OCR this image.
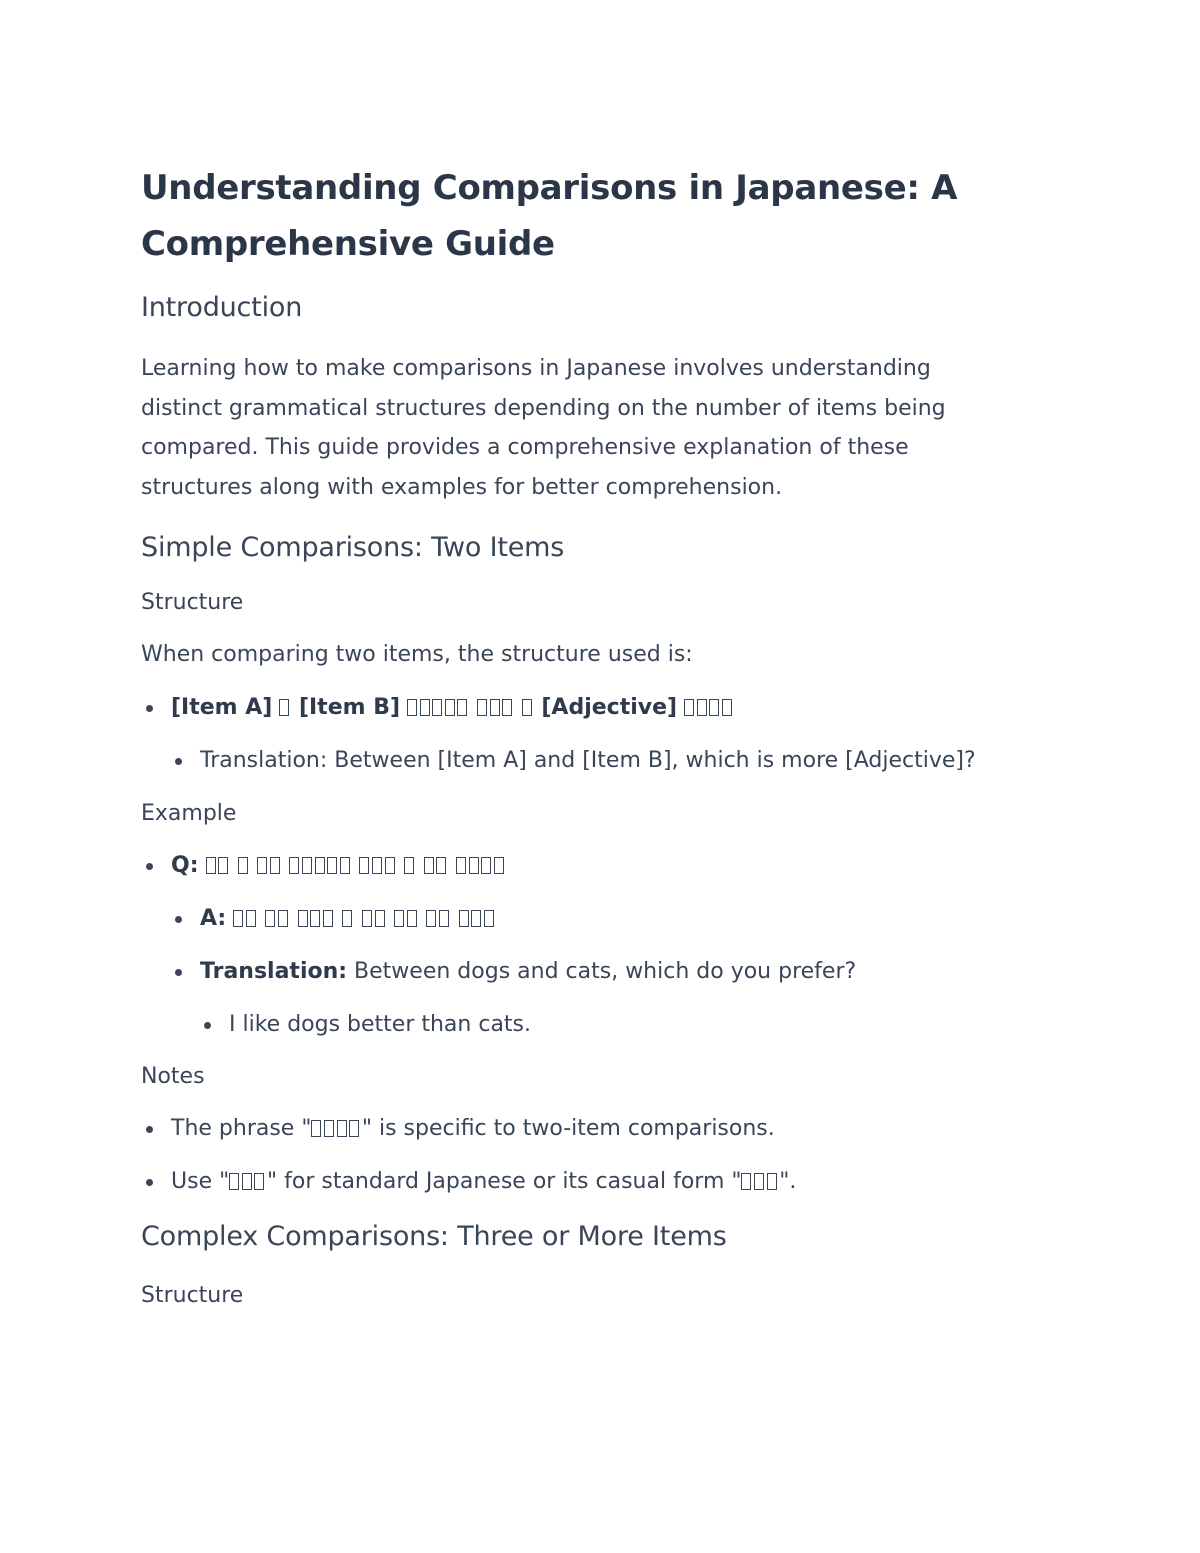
Understanding Comparisons in Japanese: A Comprehensive Guide
Introduction

Learning how to make comparisons in Japanese involves understanding

distinct grammatical structures depending on the number of items being

compared. This guide provides a comprehensive explanation of these

structures along with examples for better comprehension.

Simple Comparisons: Two Items
Structure

When comparing two items, the structure used is:

[Item A] [Item B]	[Adjective]
Translation: Between [Item A] and [Item B], which is more [Adjective]?
Example
Q:
A:
Translation: Between dogs and cats, which do you prefer?
I like dogs better than cats.
Notes
The phrase " " is specific to two-item comparisons.
Use " " for standard Japanese or its casual form " ".
Complex Comparisons: Three or More Items
Structure
